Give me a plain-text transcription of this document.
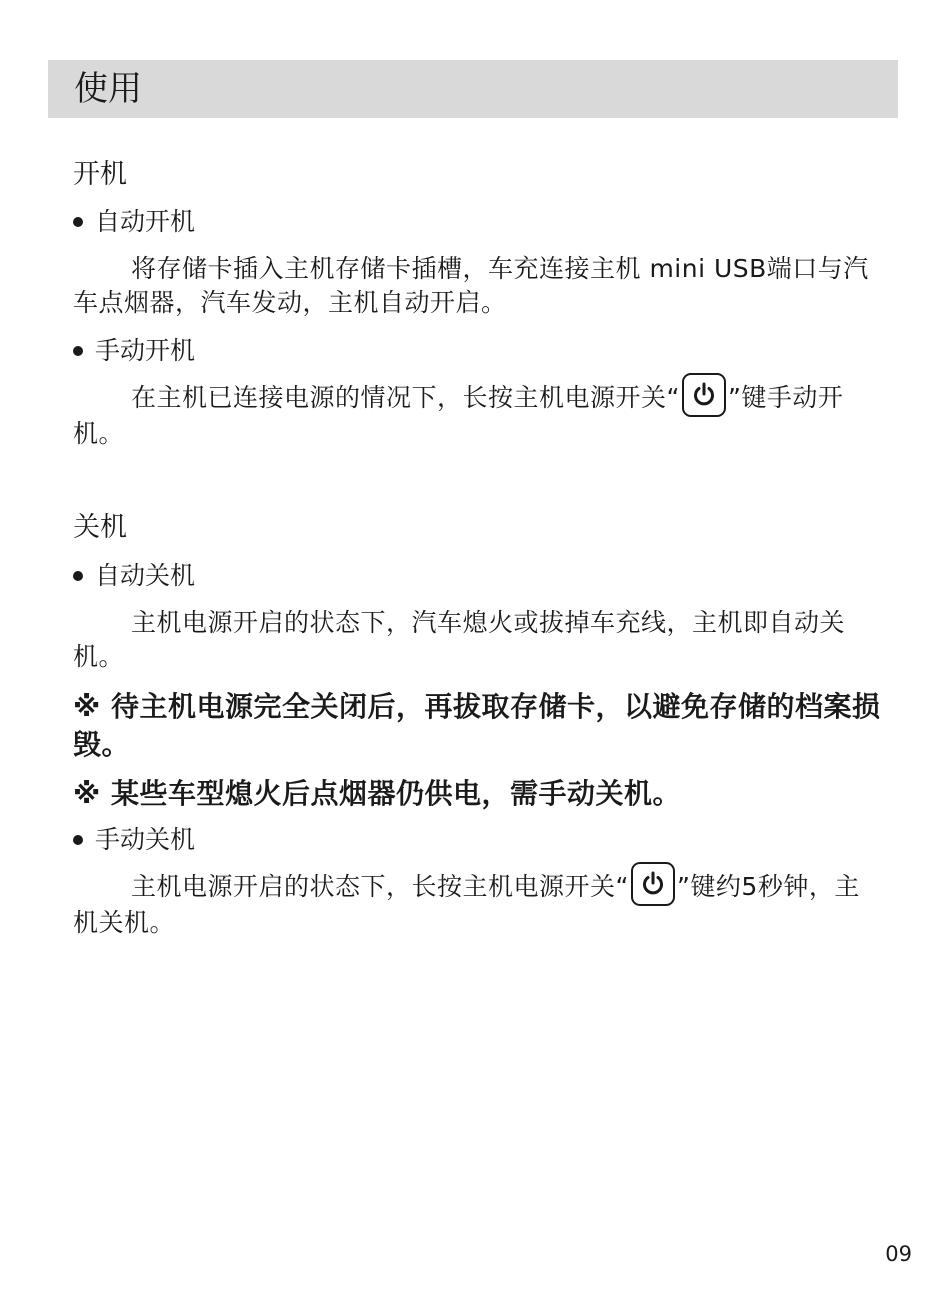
使用
开机
自动开机
将存储卡插入主机存储卡插槽，车充连接主机 mini USB端口与汽车点烟器，汽车发动，主机自动开启。
手动开机
在主机已连接电源的情况下，长按主机电源开关“ ”键手动开机。
关机
自动关机
主机电源开启的状态下，汽车熄火或拔掉车充线，主机即自动关机。
※ 待主机电源完全关闭后，再拔取存储卡，以避免存储的档案损毁。
※ 某些车型熄火后点烟器仍供电，需手动关机。
手动关机
主机电源开启的状态下，长按主机电源开关“ ”键约5秒钟，主机关机。
09
